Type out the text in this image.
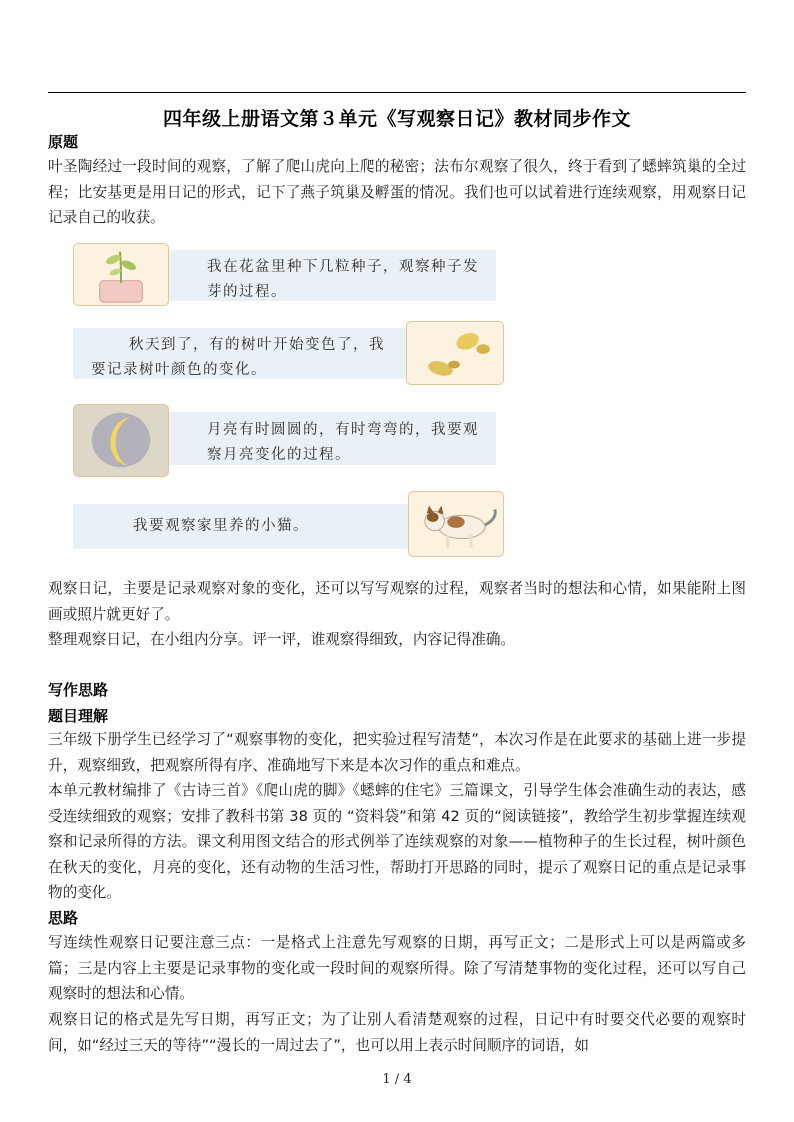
四年级上册语文第３单元《写观察日记》教材同步作文
原题

叶圣陶经过一段时间的观察，了解了爬山虎向上爬的秘密；法布尔观察了很久，终于看到了蟋蟀筑巢的全过程；比安基更是用日记的形式，记下了燕子筑巢及孵蛋的情况。我们也可以试着进行连续观察，用观察日记记录自己的收获。

我在花盆里种下几粒种子，观察种子发芽的过程。
秋天到了，有的树叶开始变色了，我要记录树叶颜色的变化。
月亮有时圆圆的，有时弯弯的，我要观察月亮变化的过程。
我要观察家里养的小猫。

观察日记，主要是记录观察对象的变化，还可以写写观察的过程，观察者当时的想法和心情，如果能附上图画或照片就更好了。

整理观察日记，在小组内分享。评一评，谁观察得细致，内容记得准确。

写作思路
题目理解

三年级下册学生已经学习了“观察事物的变化，把实验过程写清楚”，本次习作是在此要求的基础上进一步提升，观察细致，把观察所得有序、准确地写下来是本次习作的重点和难点。

本单元教材编排了《古诗三首》《爬山虎的脚》《蟋蟀的住宅》三篇课文，引导学生体会准确生动的表达，感受连续细致的观察；安排了教科书第 38 页的 “资料袋”和第 42 页的“阅读链接”，教给学生初步掌握连续观察和记录所得的方法。课文利用图文结合的形式例举了连续观察的对象——植物种子的生长过程，树叶颜色在秋天的变化，月亮的变化，还有动物的生活习性，帮助打开思路的同时，提示了观察日记的重点是记录事物的变化。

思路

写连续性观察日记要注意三点：一是格式上注意先写观察的日期，再写正文；二是形式上可以是两篇或多篇；三是内容上主要是记录事物的变化或一段时间的观察所得。除了写清楚事物的变化过程，还可以写自己观察时的想法和心情。

观察日记的格式是先写日期，再写正文；为了让别人看清楚观察的过程，日记中有时要交代必要的观察时间，如“经过三天的等待”“漫长的一周过去了”，也可以用上表示时间顺序的词语，如

1 / 4
